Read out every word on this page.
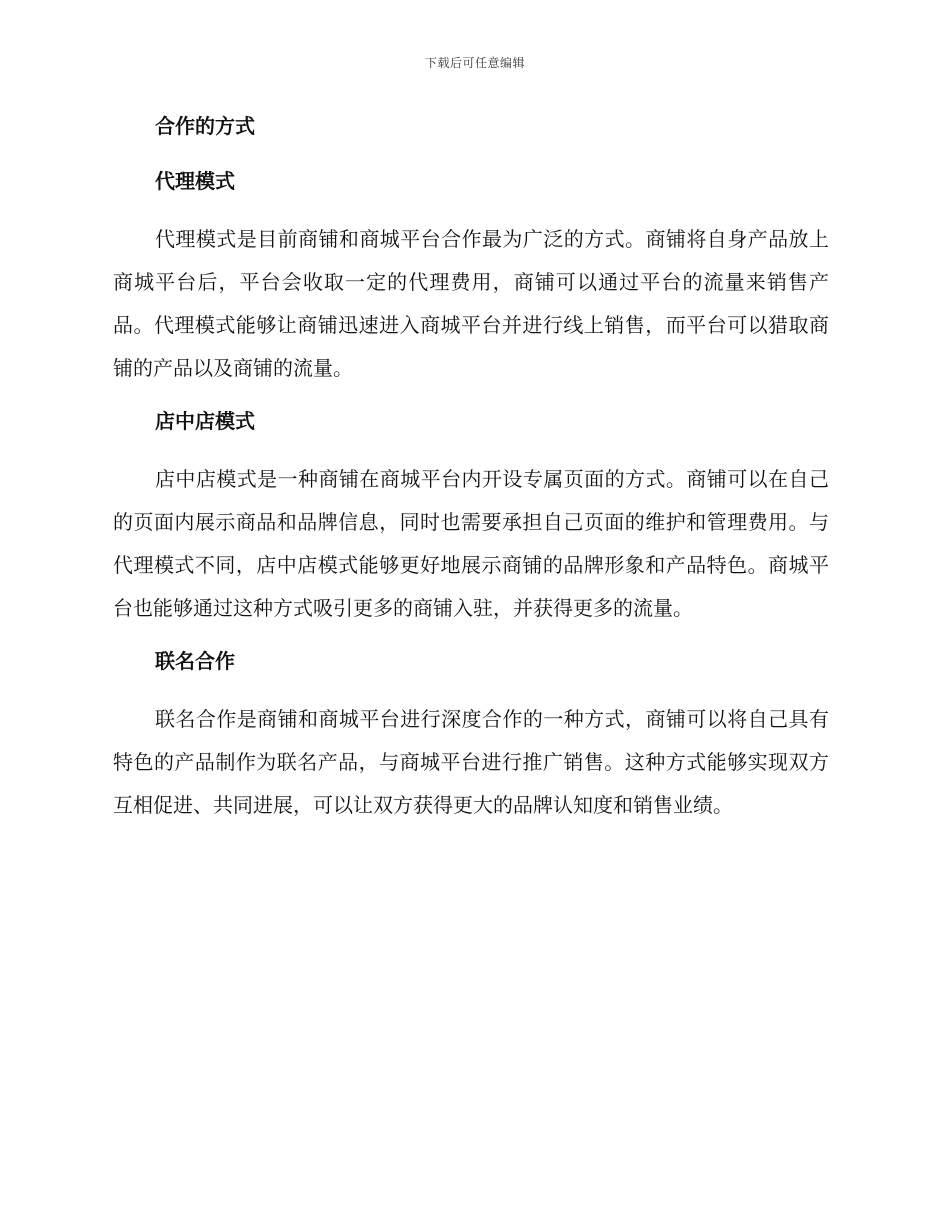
下载后可任意编辑
合作的方式
代理模式

代理模式是目前商铺和商城平台合作最为广泛的方式。商铺将自身产品放上商城平台后，平台会收取一定的代理费用，商铺可以通过平台的流量来销售产品。代理模式能够让商铺迅速进入商城平台并进行线上销售，而平台可以猎取商铺的产品以及商铺的流量。

店中店模式

店中店模式是一种商铺在商城平台内开设专属页面的方式。商铺可以在自己的页面内展示商品和品牌信息，同时也需要承担自己页面的维护和管理费用。与代理模式不同，店中店模式能够更好地展示商铺的品牌形象和产品特色。商城平台也能够通过这种方式吸引更多的商铺入驻，并获得更多的流量。

联名合作

联名合作是商铺和商城平台进行深度合作的一种方式，商铺可以将自己具有特色的产品制作为联名产品，与商城平台进行推广销售。这种方式能够实现双方互相促进、共同进展，可以让双方获得更大的品牌认知度和销售业绩。
